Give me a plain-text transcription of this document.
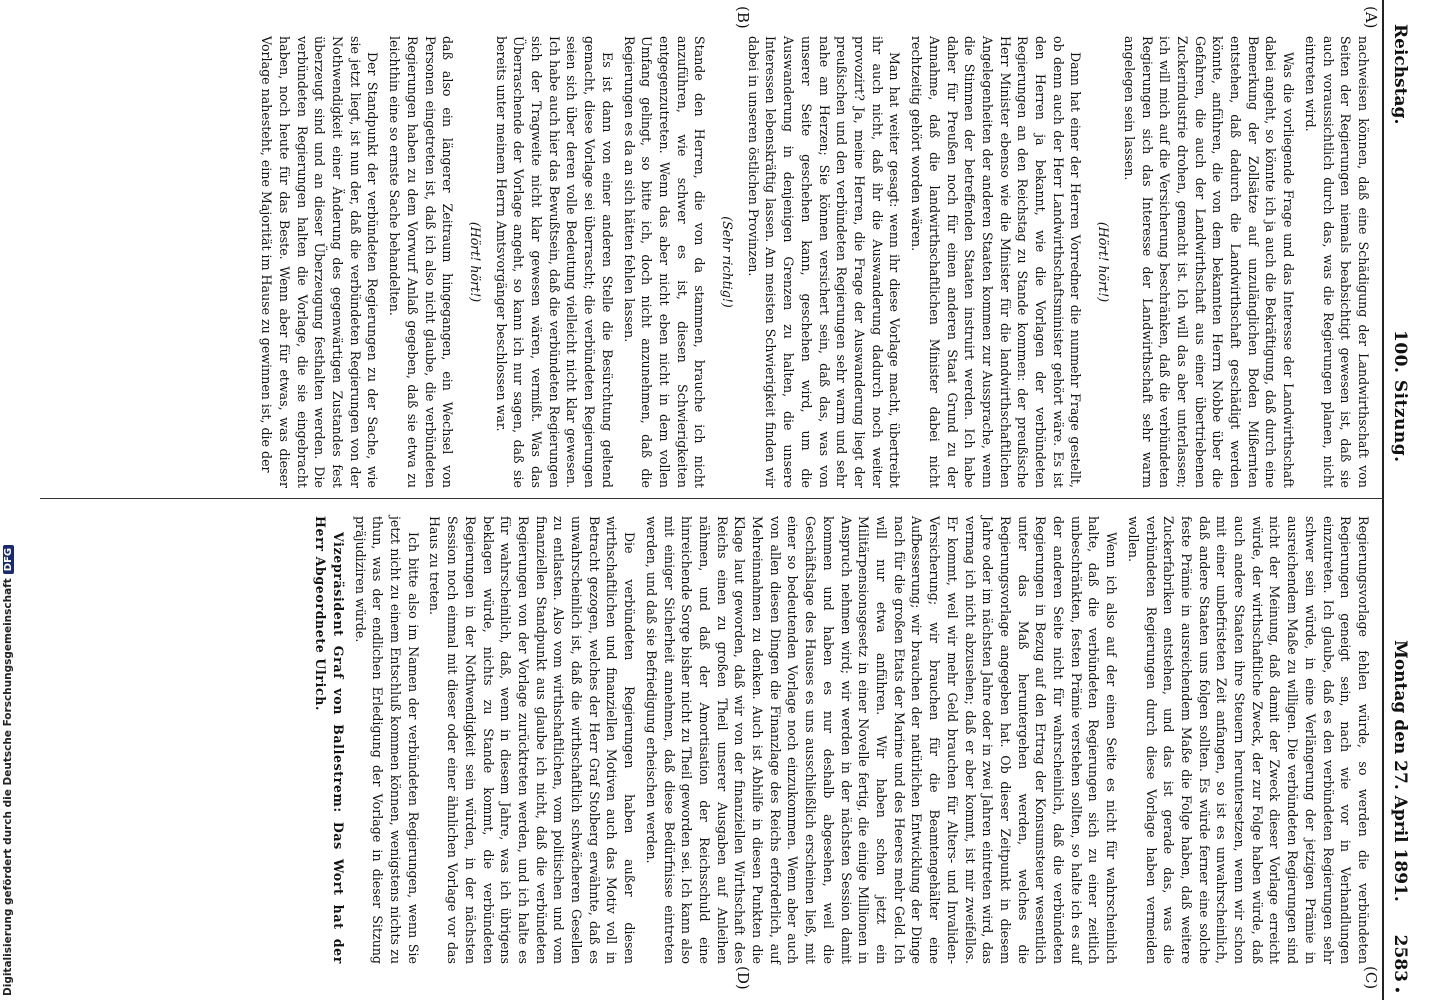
Reichstag.
100. Sitzung.
Montag den 27. April 1891.
2583
(A)
(B)
(C)
(D)

nachweisen können, daß eine Schädigung der Landwirthschaft von Seiten der Regierungen niemals beabsichtigt gewesen ist, daß sie auch voraussichtlich durch das, was die Regierungen planen, nicht eintreten wird.

Was die vorliegende Frage und das Interesse der Landwirthschaft dabei angeht, so könnte ich ja auch die Bekräftigung, daß durch eine Bemerkung der Zollsätze auf unzulänglichen Boden Mißernten entstehen, daß dadurch die Landwirthschaft geschädigt werden könnte, anführen, die von dem bekannten Herrn Nobbe über die Gefahren, die auch der Landwirthschaft aus einer übertriebenen Zuckerindustrie drohen, gemacht ist. Ich will das aber unterlassen; ich will mich auf die Versicherung beschränken, daß die verbündeten Regierungen sich das Interesse der Landwirthschaft sehr warm angelegen sein lassen.

(Hört! hört!)

Dann hat einer der Herren Vorredner die nunmehr Frage gestellt, ob denn auch der Herr Landwirthschaftsminister gehört wäre. Es ist den Herren ja bekannt, wie die Vorlagen der verbündeten Regierungen an den Reichstag zu Stande kommen: der preußische Herr Minister ebenso wie die Minister für die landwirthschaftlichen Angelegenheiten der anderen Staaten kommen zur Aussprache, wenn die Stimmen der betreffenden Staaten instruirt werden. Ich habe daher für Preußen noch für einen anderen Staat Grund zu der Annahme, daß die landwirthschaftlichen Minister dabei nicht rechtzeitig gehört worden wären.

Man hat weiter gesagt: wenn ihr diese Vorlage macht, übertreibt ihr auch nicht, daß ihr die Auswanderung dadurch noch weiter provozirt? Ja, meine Herren, die Frage der Auswanderung liegt der preußischen und den verbündeten Regierungen sehr warm und sehr nahe am Herzen; Sie können versichert sein, daß das, was von unserer Seite geschehen kann, geschehen wird, um die Auswanderung in denjenigen Grenzen zu halten, die unsere Interessen lebenskräftig lassen. Am meisten Schwierigkeit finden wir dabei in unseren östlichen Provinzen.

(Sehr richtig!)

Stande den Herren, die von da stammen, brauche ich nicht anzuführen, wie schwer es ist, diesen Schwierigkeiten entgegenzutreten. Wenn das aber nicht eben nicht in dem vollen Umfang gelingt, so bitte ich, doch nicht anzunehmen, daß die Regierungen es da an sich hätten fehlen lassen.

Es ist dann von einer anderen Stelle die Besürchtung geltend gemacht, diese Vorlage sei überrascht; die verbündeten Regierungen seien sich über deren volle Bedeutung vielleicht nicht klar gewesen. Ich habe auch hier das Bewußtsein, daß die verbündeten Regierungen sich der Tragweite nicht klar gewesen wären, vermißt. Was das Überraschende der Vorlage angeht, so kann ich nur sagen, daß sie bereits unter meinem Herrn Amtsvorgänger beschlossen war.

(Hört! hört!)

daß also ein längerer Zeitraum hingegangen, ein Wechsel von Personen eingetreten ist, daß ich also nicht glaube, die verbündeten Regierungen haben zu dem Vorwurf Anlaß gegeben, daß sie etwa zu leichthin eine so ernste Sache behandelten.

Der Standpunkt der verbündeten Regierungen zu der Sache, wie sie jetzt liegt, ist nun der, daß die verbündeten Regierungen von der Nothwendigkeit einer Änderung des gegenwärtigen Zustandes fest überzeugt sind und an dieser Überzeugung festhalten werden. Die verbündeten Regierungen halten die Vorlage, die sie eingebracht haben, noch heute für das Beste. Wenn aber für etwas, was dieser Vorlage nahesteht, eine Majorität im Hause zu gewinnen ist, die der

Regierungsvorlage fehlen würde, so werden die verbündeten Regierungen geneigt sein, nach wie vor in Verhandlungen einzutreten. Ich glaube, daß es den verbündeten Regierungen sehr schwer sein würde, in eine Verlängerung der jetzigen Prämie in ausreichendem Maße zu willigen. Die verbündeten Regierungen sind nicht der Meinung, daß damit der Zweck dieser Vorlage erreicht würde, der wirthschaftliche Zweck, der zur Folge haben würde, daß auch andere Staaten ihre Steuern heruntersetzen, wenn wir schon mit einer unbefristeten Zeit anfangen, so ist es unwahrscheinlich, daß andere Staaten uns folgen sollten. Es würde ferner eine solche feste Prämie in ausreichendem Maße die Folge haben, daß weitere Zuckerfabriken entstehen, und das ist gerade das, was die verbündeten Regierungen durch diese Vorlage haben vermeiden wollen.

Wenn ich also auf der einen Seite es nicht für wahrscheinlich halte, daß die verbündeten Regierungen sich zu einer zeitlich unbeschränkten, festen Prämie verstehen sollten, so halte ich es auf der anderen Seite nicht für wahrscheinlich, daß die verbündeten Regierungen in Bezug auf den Ertrag der Konsumsteuer wesentlich unter das Maß heruntergehen werden, welches die Regierungsvorlage angegeben hat. Ob dieser Zeitpunkt in diesem Jahre oder im nächsten Jahre oder in zwei Jahren eintreten wird, das vermag ich nicht abzusehen; daß er aber kommt, ist mir zweifellos. Er kommt, weil wir mehr Geld brauchen für Alters- und Invaliden-Versicherung; wir brauchen für die Beamtengehälter eine Aufbesserung; wir brauchen der natürlichen Entwicklung der Dinge nach für die großen Etats der Marine und des Heeres mehr Geld. Ich will nur etwa anführen. Wir haben schon jetzt ein Militärpensionsgesetz in einer Novelle fertig, die einige Millionen in Anspruch nehmen wird; wir werden in der nächsten Session damit kommen und haben es nur deshalb abgesehen, weil die Geschäftslage des Hauses es uns ausschließlich erscheinen ließ, mit einer so bedeutenden Vorlage noch einzukommen. Wenn aber auch von allen diesen Dingen die Finanzlage des Reichs erforderlich, auf Mehreinnahmen zu denken. Auch ist Abhilfe in diesen Punkten die Klage laut geworden, daß wir von der finanziellen Wirthschaft des Reichs einen zu großen Theil unserer Ausgaben auf Anleihen nähmen, und daß der Amortisation der Reichsschuld eine hinreichende Sorge bisher nicht zu Theil geworden sei. Ich kann also mit einiger Sicherheit annehmen, daß diese Bedürfnisse eintreten werden, und daß sie Befriedigung erheischen werden.

Die verbündeten Regierungen haben außer diesen wirthschaftlichen und finanziellen Motiven auch das Motiv voll in Betracht gezogen, welches der Herr Graf Stolberg erwähnte, daß es unwahrscheinlich ist, daß die wirthschaftlich schwächeren Gesellen zu entlasten. Also vom wirthschaftlichen, vom politischen und vom finanziellen Standpunkt aus glaube ich nicht, daß die verbündeten Regierungen von der Vorlage zurücktreten werden, und ich halte es für wahrscheinlich, daß, wenn in diesem Jahre, was ich übrigens beklagen würde, nichts zu Stande kommt, die verbündeten Regierungen in der Nothwendigkeit sein würden, in der nächsten Session noch einmal mit dieser oder einer ähnlichen Vorlage vor das Haus zu treten.

Ich bitte also im Namen der verbündeten Regierungen, wenn Sie jetzt nicht zu einem Entschluß kommen können, wenigstens nichts zu thun, was der endlichen Erledigung der Vorlage in dieser Sitzung präjudiziren würde.

Vizepräsident Graf von Ballestrem: Das Wort hat der Herr Abgeordnete Ulrich.

•
Digitalisierung gefördert durch die Deutsche ForschungsgemeinschaftDFG
